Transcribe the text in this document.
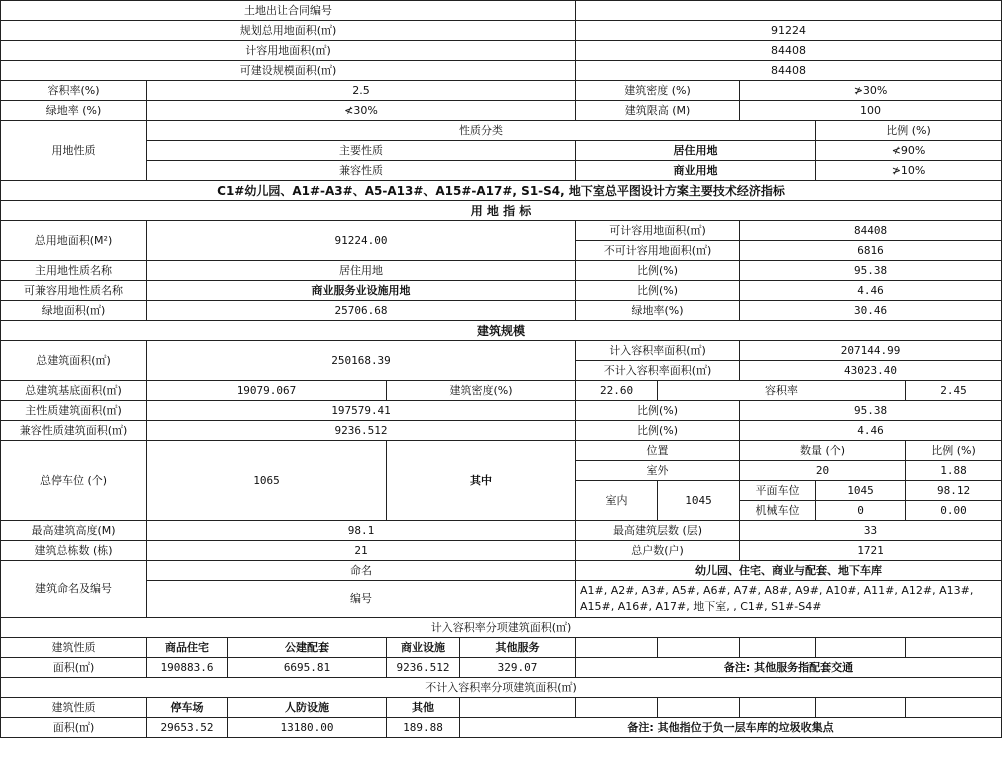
土地出让合同编号									
规划总用地面积(㎡)					91224				
计容用地面积(㎡)					84408				
可建设规模面积(㎡)					84408				
容积率(%)	2.5				建筑密度 (%)		≯30%		
绿地率 (%)	≮30%				建筑限高 (M)		100		
用地性质	性质分类							比例 (%)	
	主要性质				居住用地			≮90%	
	兼容性质				商业用地			≯10%	
C1#幼儿园、A1#-A3#、A5-A13#、A15#-A17#, S1-S4, 地下室总平图设计方案主要技术经济指标									
用 地 指 标									
总用地面积(M²)	91224.00				可计容用地面积(㎡)		84408		
					不可计容用地面积(㎡)		6816		
主用地性质名称	居住用地				比例(%)		95.38		
可兼容用地性质名称	商业服务业设施用地				比例(%)		4.46		
绿地面积(㎡)	25706.68				绿地率(%)		30.46		
建筑规模									
总建筑面积(㎡)	250168.39				计入容积率面积(㎡)		207144.99		
					不计入容积率面积(㎡)		43023.40		
总建筑基底面积(㎡)	19079.067		建筑密度(%)		22.60	容积率			2.45
主性质建筑面积(㎡)	197579.41				比例(%)		95.38		
兼容性质建筑面积(㎡)	9236.512				比例(%)		4.46		
总停车位 (个)	1065		其中		位置		数量 (个)		比例 (%)
					室外		20		1.88
					室内	1045	平面车位	1045	98.12
							机械车位	0	0.00
最高建筑高度(M)	98.1				最高建筑层数 (层)		33		
建筑总栋数 (栋)	21				总户数(户)		1721		
建筑命名及编号	命名				幼儿园、住宅、商业与配套、地下车库				
	编号				A1#, A2#, A3#, A5#, A6#, A7#, A8#, A9#, A10#, A11#, A12#, A13#, A15#, A16#, A17#, 地下室, , C1#, S1#-S4#				
计入容积率分项建筑面积(㎡)									
建筑性质	商品住宅	公建配套	商业设施	其他服务					
面积(㎡)	190883.6	6695.81	9236.512	329.07	备注: 其他服务指配套交通				
不计入容积率分项建筑面积(㎡)									
建筑性质	停车场	人防设施	其他						
面积(㎡)	29653.52	13180.00	189.88	备注: 其他指位于负一层车库的垃圾收集点					
